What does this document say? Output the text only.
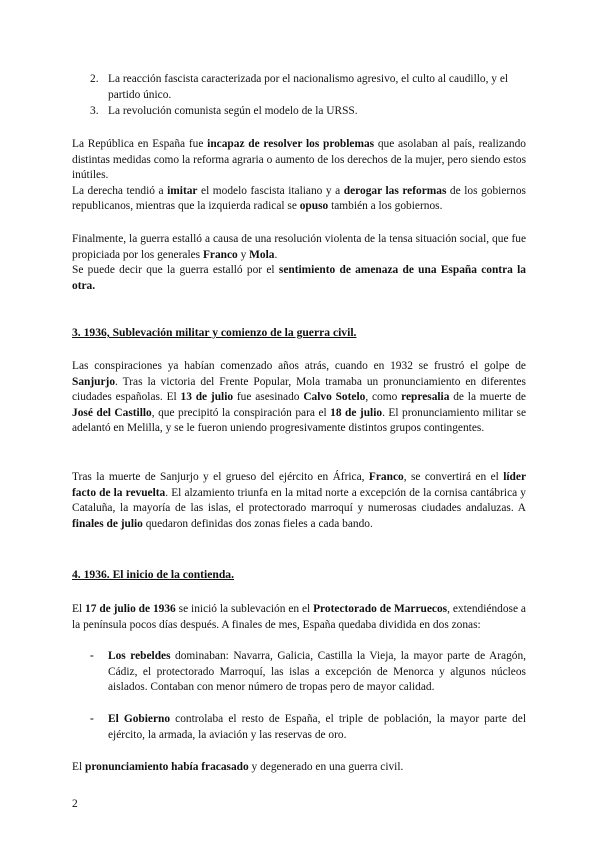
2. La reacción fascista caracterizada por el nacionalismo agresivo, el culto al caudillo, y el partido único.
3. La revolución comunista según el modelo de la URSS.
La República en España fue incapaz de resolver los problemas que asolaban al país, realizando distintas medidas como la reforma agraria o aumento de los derechos de la mujer, pero siendo estos inútiles.
La derecha tendió a imitar el modelo fascista italiano y a derogar las reformas de los gobiernos republicanos, mientras que la izquierda radical se opuso también a los gobiernos.
Finalmente, la guerra estalló a causa de una resolución violenta de la tensa situación social, que fue propiciada por los generales Franco y Mola.
Se puede decir que la guerra estalló por el sentimiento de amenaza de una España contra la otra.
3. 1936, Sublevación militar y comienzo de la guerra civil.
Las conspiraciones ya habían comenzado años atrás, cuando en 1932 se frustró el golpe de Sanjurjo. Tras la victoria del Frente Popular, Mola tramaba un pronunciamiento en diferentes ciudades españolas. El 13 de julio fue asesinado Calvo Sotelo, como represalia de la muerte de José del Castillo, que precipitó la conspiración para el 18 de julio. El pronunciamiento militar se adelantó en Melilla, y se le fueron uniendo progresivamente distintos grupos contingentes.
Tras la muerte de Sanjurjo y el grueso del ejército en África, Franco, se convertirá en el líder facto de la revuelta. El alzamiento triunfa en la mitad norte a excepción de la cornisa cantábrica y Cataluña, la mayoría de las islas, el protectorado marroquí y numerosas ciudades andaluzas. A finales de julio quedaron definidas dos zonas fieles a cada bando.
4. 1936. El inicio de la contienda.
El 17 de julio de 1936 se inició la sublevación en el Protectorado de Marruecos, extendiéndose a la península pocos días después. A finales de mes, España quedaba dividida en dos zonas:
-	Los rebeldes dominaban: Navarra, Galicia, Castilla la Vieja, la mayor parte de Aragón, Cádiz, el protectorado Marroquí, las islas a excepción de Menorca y algunos núcleos aislados. Contaban con menor número de tropas pero de mayor calidad.
-	El Gobierno controlaba el resto de España, el triple de población, la mayor parte del ejército, la armada, la aviación y las reservas de oro.
El pronunciamiento había fracasado y degenerado en una guerra civil.
2
